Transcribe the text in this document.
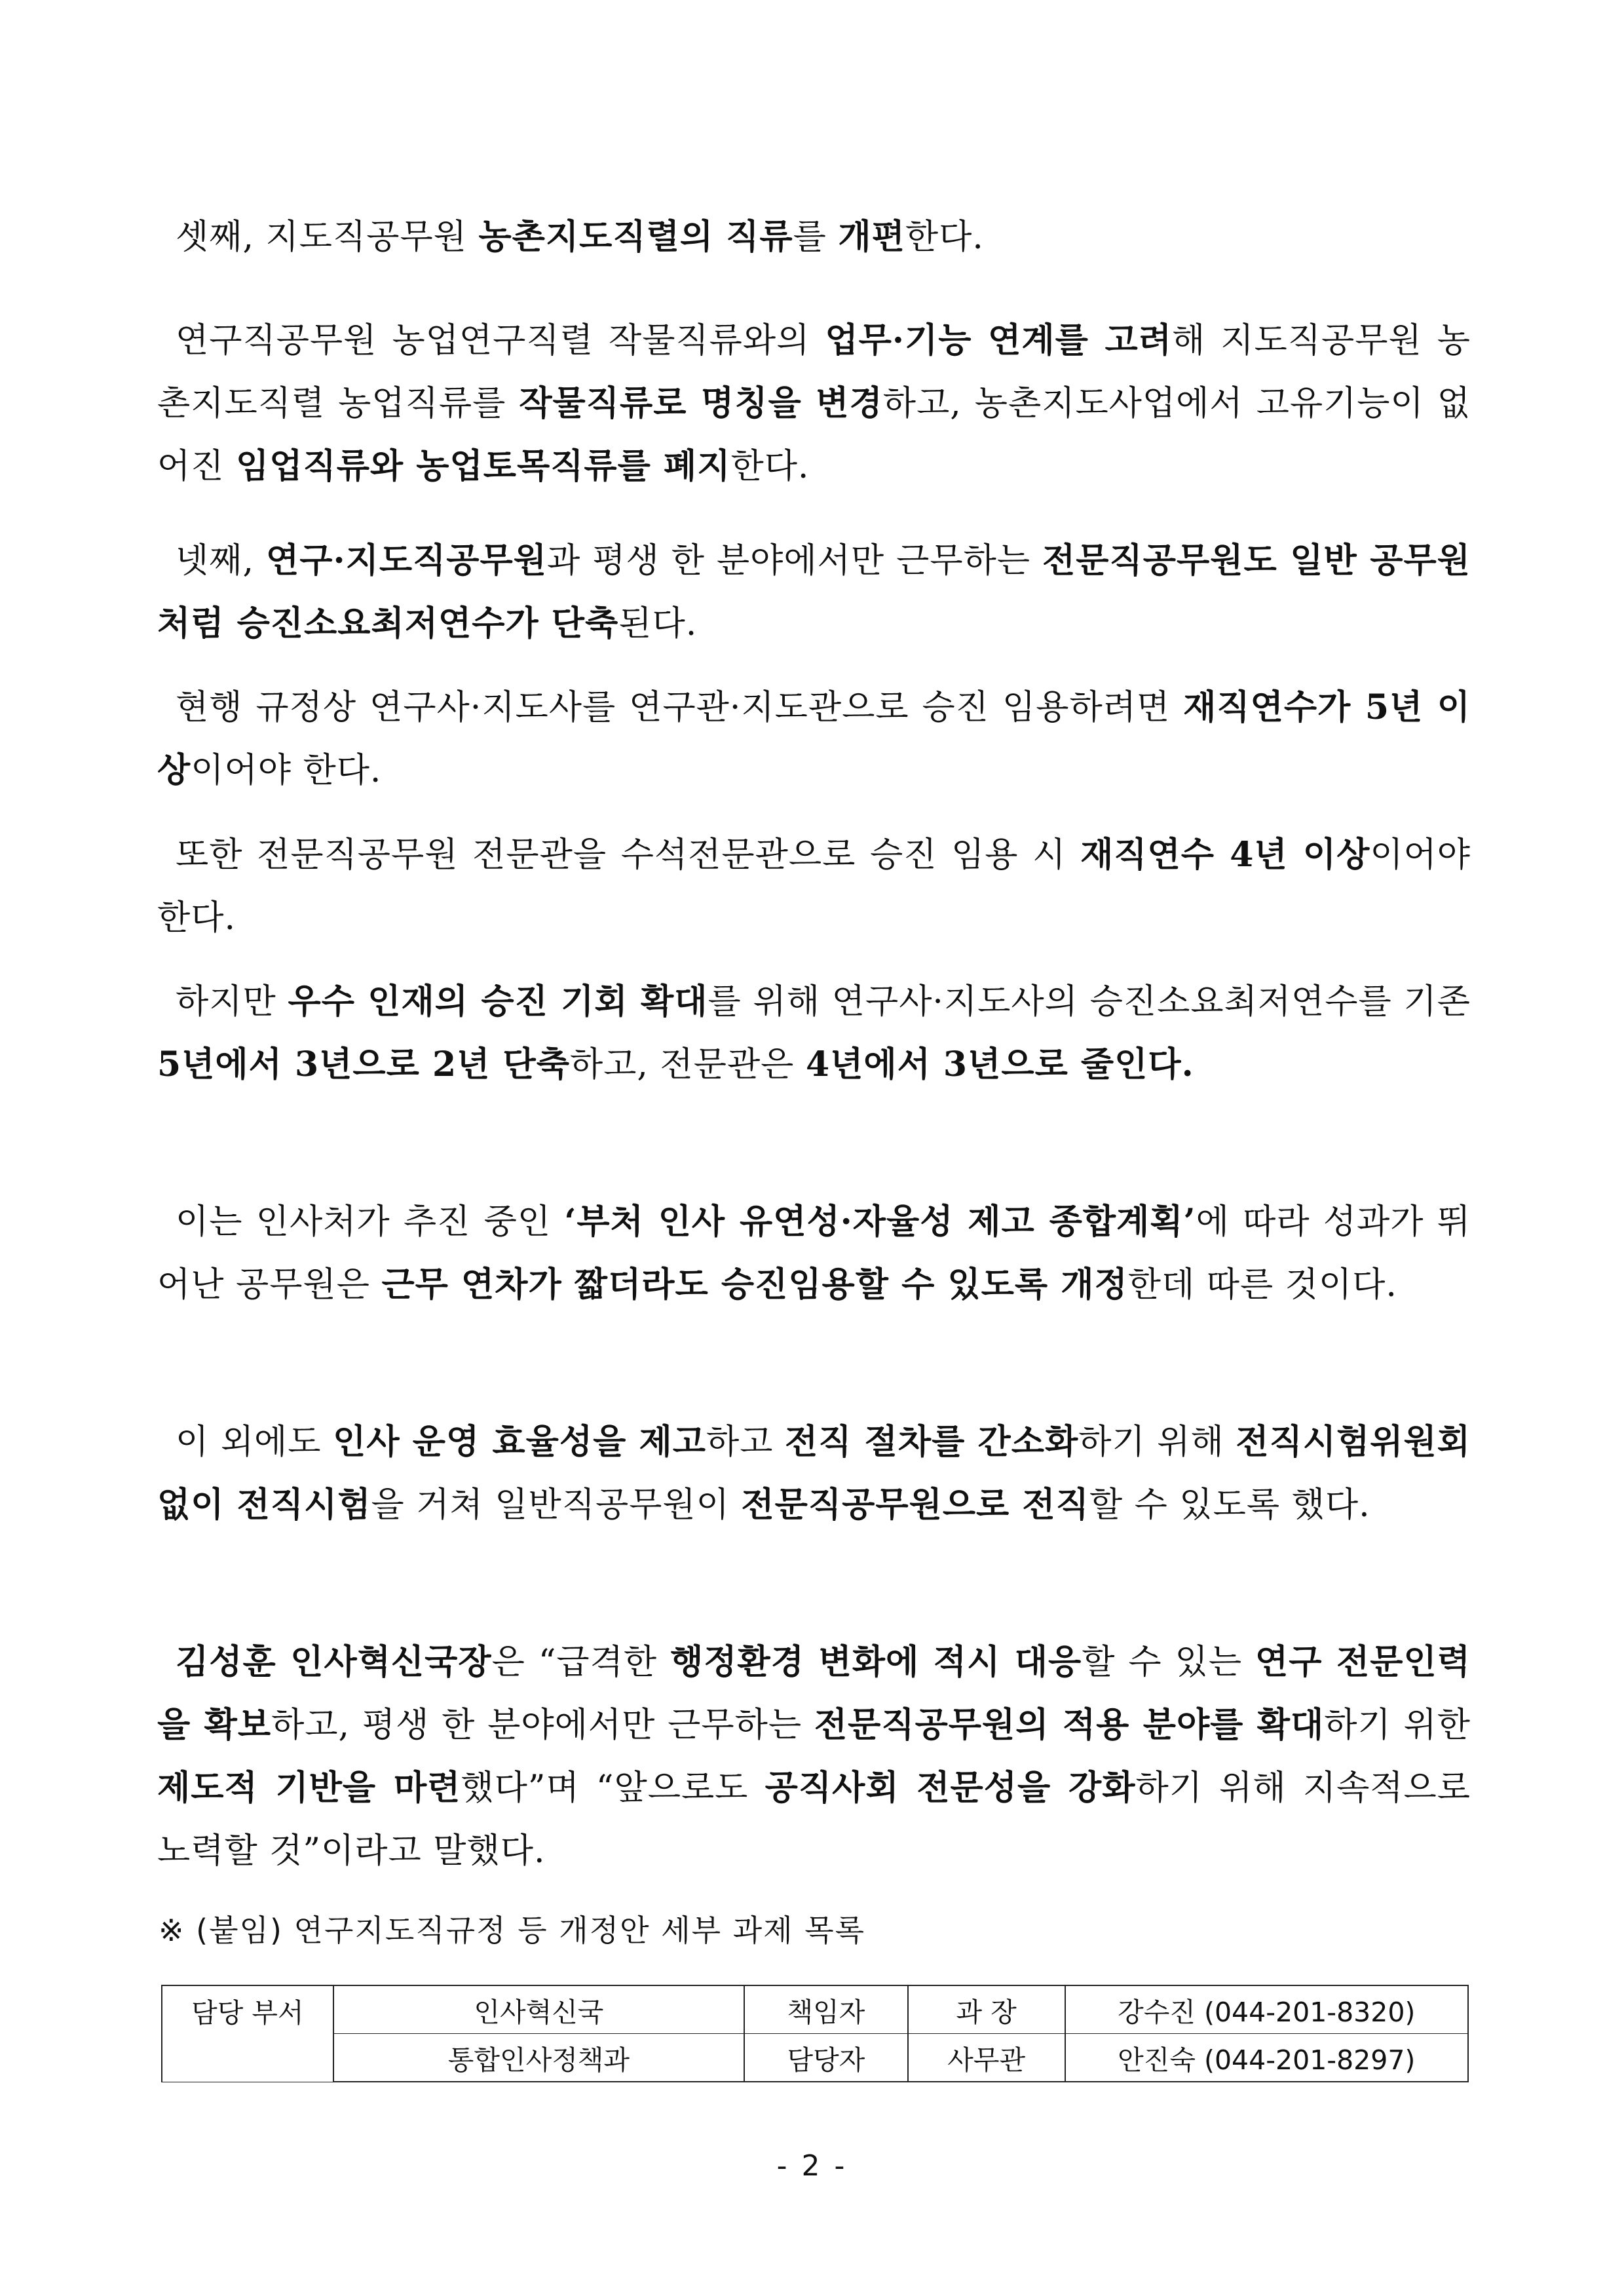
셋째, 지도직공무원 농촌지도직렬의 직류를 개편한다.

연구직공무원 농업연구직렬 작물직류와의 업무·기능 연계를 고려해 지도직공무원 농촌지도직렬 농업직류를 작물직류로 명칭을 변경하고, 농촌지도사업에서 고유기능이 없어진 임업직류와 농업토목직류를 폐지한다.

넷째, 연구·지도직공무원과 평생 한 분야에서만 근무하는 전문직공무원도 일반 공무원처럼 승진소요최저연수가 단축된다.

현행 규정상 연구사·지도사를 연구관·지도관으로 승진 임용하려면 재직연수가 5년 이상이어야 한다.

또한 전문직공무원 전문관을 수석전문관으로 승진 임용 시 재직연수 4년 이상이어야 한다.

하지만 우수 인재의 승진 기회 확대를 위해 연구사·지도사의 승진소요최저연수를 기존 5년에서 3년으로 2년 단축하고, 전문관은 4년에서 3년으로 줄인다.

이는 인사처가 추진 중인 ‘부처 인사 유연성·자율성 제고 종합계획’에 따라 성과가 뛰어난 공무원은 근무 연차가 짧더라도 승진임용할 수 있도록 개정한데 따른 것이다.

이 외에도 인사 운영 효율성을 제고하고 전직 절차를 간소화하기 위해 전직시험위원회 없이 전직시험을 거쳐 일반직공무원이 전문직공무원으로 전직할 수 있도록 했다.

김성훈 인사혁신국장은 “급격한 행정환경 변화에 적시 대응할 수 있는 연구 전문인력을 확보하고, 평생 한 분야에서만 근무하는 전문직공무원의 적용 분야를 확대하기 위한 제도적 기반을 마련했다”며 “앞으로도 공직사회 전문성을 강화하기 위해 지속적으로 노력할 것”이라고 말했다.

※ (붙임) 연구지도직규정 등 개정안 세부 과제 목록

담당 부서	인사혁신국	책임자	과 장	강수진 (044-201-8320)
	통합인사정책과	담당자	사무관	안진숙 (044-201-8297)
- 2 -
